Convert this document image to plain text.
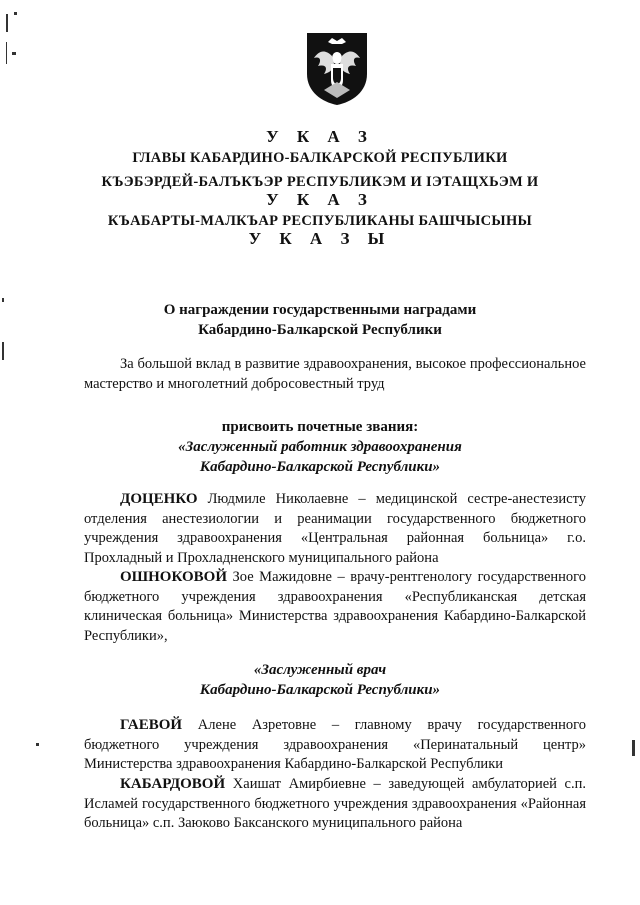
У К А З
ГЛАВЫ КАБАРДИНО-БАЛКАРСКОЙ РЕСПУБЛИКИ
КЪЭБЭРДЕЙ-БАЛЪКЪЭР РЕСПУБЛИКЭМ И ІЭТАЩХЬЭМ И
У К А З
КЪАБАРТЫ-МАЛКЪАР РЕСПУБЛИКАНЫ БАШЧЫСЫНЫ
У К А З Ы
О награждении государственными наградами
Кабардино-Балкарской Республики
За большой вклад в развитие здравоохранения, высокое профессиональное мастерство и многолетний добросовестный труд
присвоить почетные звания:
«Заслуженный работник здравоохранения
Кабардино-Балкарской Республики»
ДОЦЕНКО Людмиле Николаевне – медицинской сестре-анестезисту отделения анестезиологии и реанимации государственного бюджетного учреждения здравоохранения «Центральная районная больница» г.о. Прохладный и Прохладненского муниципального района
ОШНОКОВОЙ Зое Мажидовне – врачу-рентгенологу государственного бюджетного учреждения здравоохранения «Республиканская детская клиническая больница» Министерства здравоохранения Кабардино-Балкарской Республики»,
«Заслуженный врач
Кабардино-Балкарской Республики»
ГАЕВОЙ Алене Азретовне – главному врачу государственного бюджетного учреждения здравоохранения «Перинатальный центр» Министерства здравоохранения Кабардино-Балкарской Республики
КАБАРДОВОЙ Хаишат Амирбиевне – заведующей амбулаторией с.п. Исламей государственного бюджетного учреждения здравоохранения «Районная больница» с.п. Заюково Баксанского муниципального района
